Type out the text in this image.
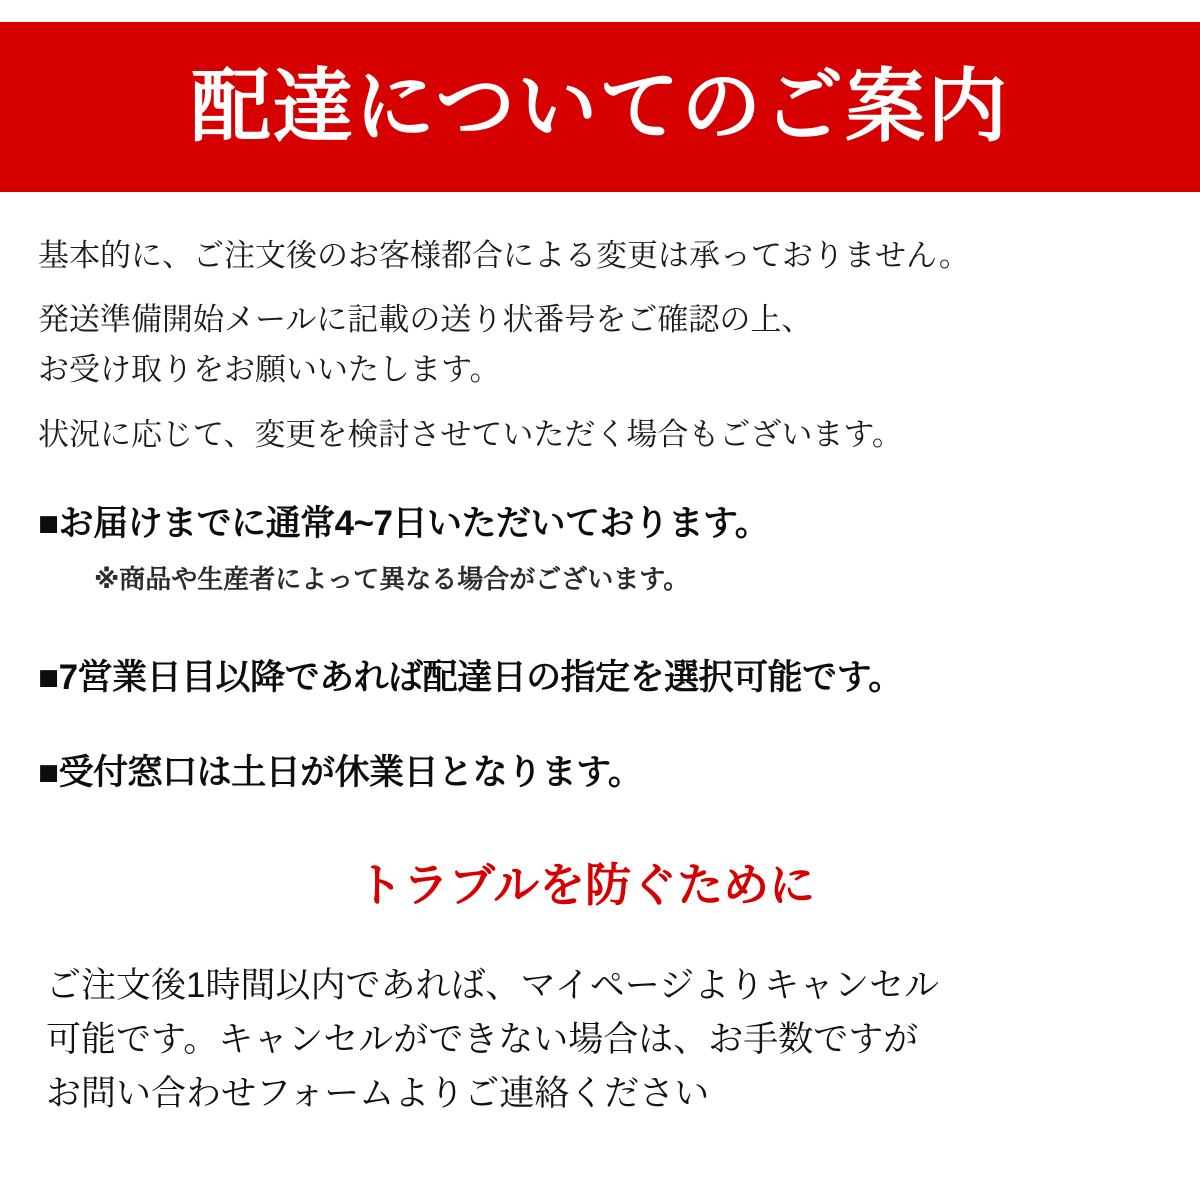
配達についてのご案内
基本的に、ご注文後のお客様都合による変更は承っておりません。
発送準備開始メールに記載の送り状番号をご確認の上、
お受け取りをお願いいたします。
状況に応じて、変更を検討させていただく場合もございます。
■お届けまでに通常4~7日いただいております。
※商品や生産者によって異なる場合がございます。
■7営業日目以降であれば配達日の指定を選択可能です。
■受付窓口は土日が休業日となります。
トラブルを防ぐために
ご注文後1時間以内であれば、マイページよりキャンセル
可能です。キャンセルができない場合は、お手数ですが
お問い合わせフォームよりご連絡ください
